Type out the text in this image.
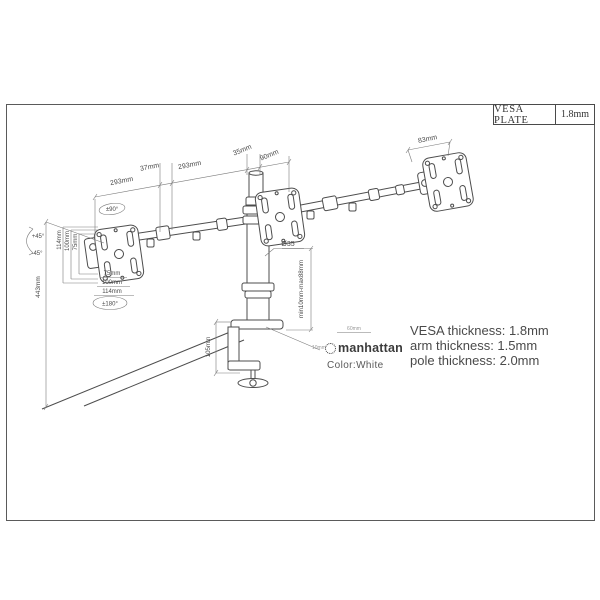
VESA PLATE	1.8mm
293mm
37mm	293mm
35mm 90mm
83mm
±90°
±180°
+45°
-45°
114mm 100mm 75mm
75mm
100mm
114mm
443mm
Ø35
min10mm-max88mm
105mm
60mm
10mm manhattan
Color:White
VESA thickness: 1.8mm
arm thickness: 1.5mm
pole thickness: 2.0mm
